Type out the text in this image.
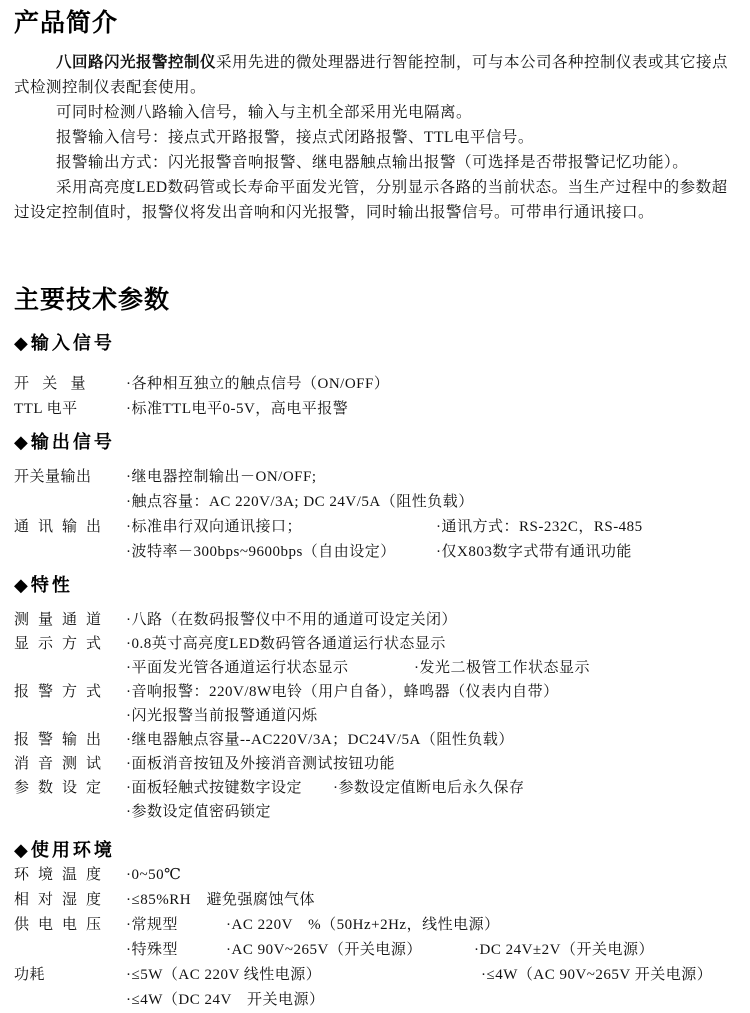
产品简介

八回路闪光报警控制仪采用先进的微处理器进行智能控制，可与本公司各种控制仪表或其它接点式检测控制仪表配套使用。

可同时检测八路输入信号，输入与主机全部采用光电隔离。

报警输入信号：接点式开路报警，接点式闭路报警、TTL电平信号。

报警输出方式：闪光报警音响报警、继电器触点输出报警（可选择是否带报警记忆功能）。

采用高亮度LED数码管或长寿命平面发光管，分别显示各路的当前状态。当生产过程中的参数超过设定控制值时，报警仪将发出音响和闪光报警，同时输出报警信号。可带串行通讯接口。

主要技术参数
◆输入信号
开   关   量	·各种相互独立的触点信号（ON/OFF）
TTL 电平	·标准TTL电平0-5V，高电平报警
◆输出信号
开关量输出	·继电器控制输出－ON/OFF;
·触点容量：AC 220V/3A; DC 24V/5A（阻性负载）
通  讯  输  出	·标准串行双向通讯接口；	·通讯方式：RS-232C，RS-485
·波特率－300bps~9600bps（自由设定）	·仅X803数字式带有通讯功能
◆特性
测  量  通  道	·八路（在数码报警仪中不用的通道可设定关闭）
显  示  方  式	·0.8英寸高亮度LED数码管各通道运行状态显示
·平面发光管各通道运行状态显示	·发光二极管工作状态显示
报  警  方  式	·音响报警：220V/8W电铃（用户自备），蜂鸣器（仪表内自带）
·闪光报警当前报警通道闪烁
报  警  输  出	·继电器触点容量--AC220V/3A；DC24V/5A（阻性负载）
消  音  测  试	·面板消音按钮及外接消音测试按钮功能
参  数  设  定	·面板轻触式按键数字设定	·参数设定值断电后永久保存
·参数设定值密码锁定
◆使用环境
环  境  温  度	·0~50℃
相  对  湿  度	·≤85%RH　避免强腐蚀气体
供  电  电  压	·常规型	·AC 220V　%（50Hz+2Hz，线性电源）
·特殊型	·AC 90V~265V（开关电源）	·DC 24V±2V（开关电源）
功耗	·≤5W（AC 220V 线性电源）	·≤4W（AC 90V~265V 开关电源）
·≤4W（DC 24V　开关电源）
